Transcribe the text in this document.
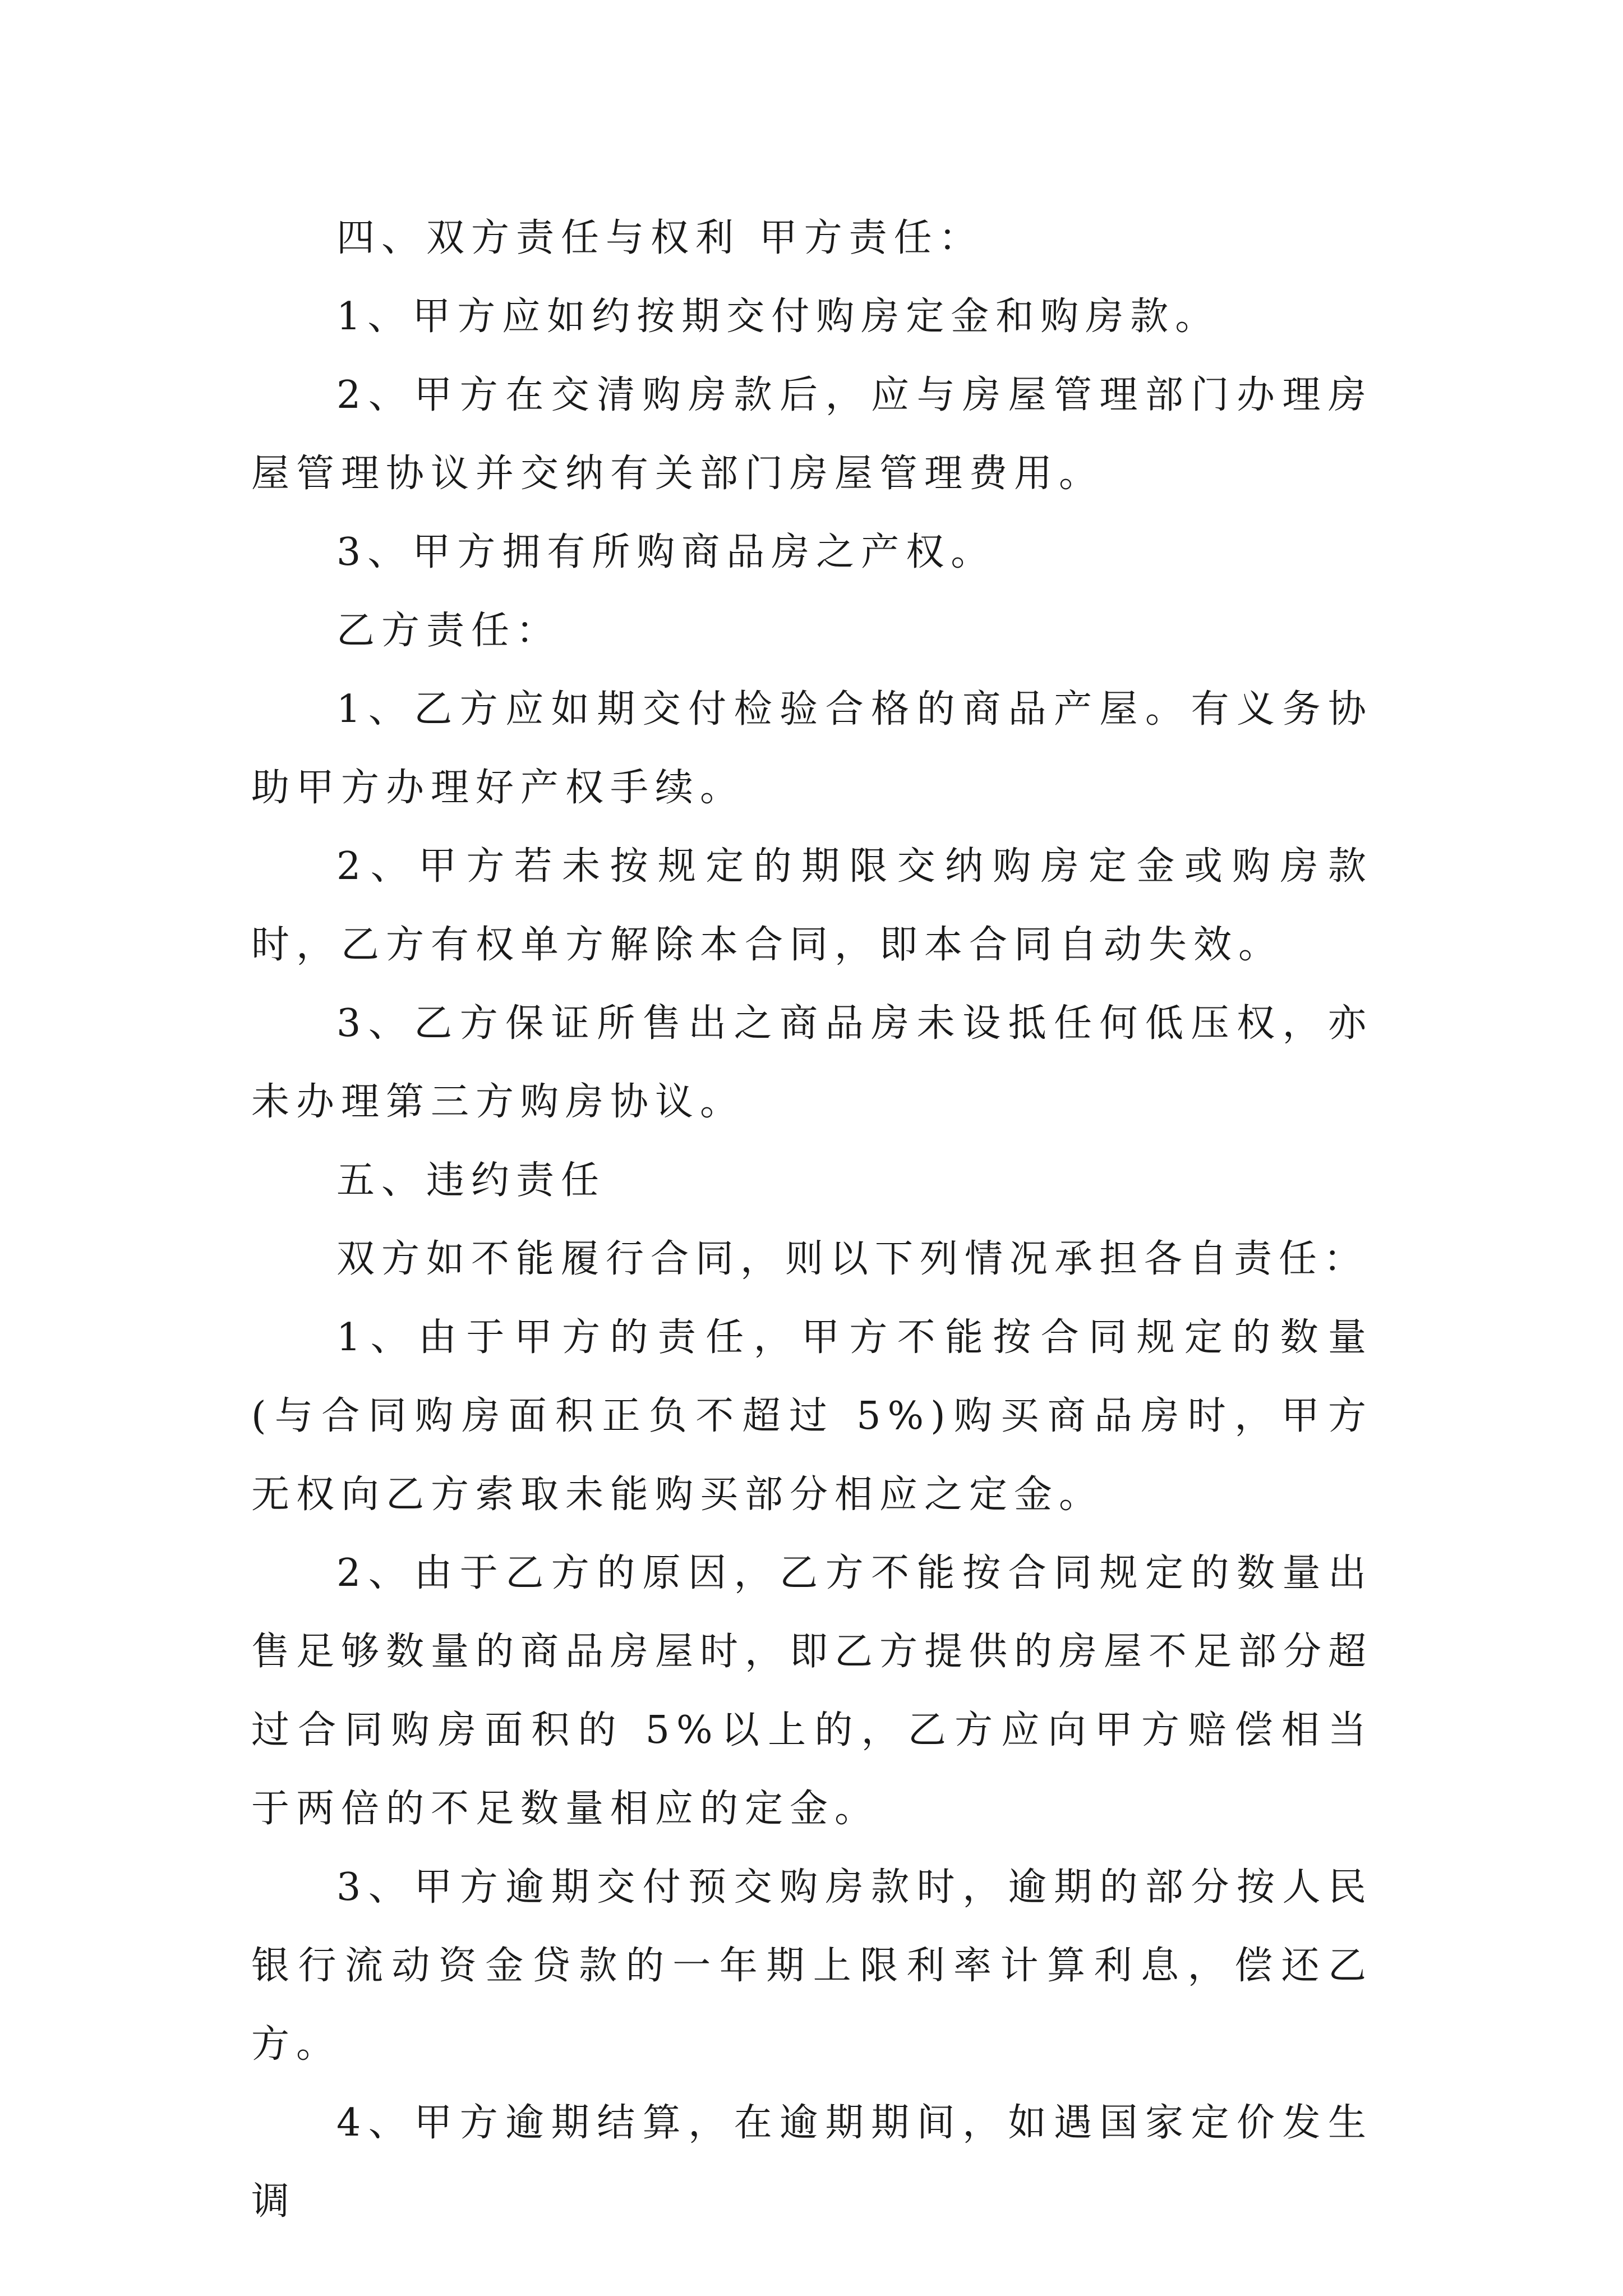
四、双方责任与权利 甲方责任：

1、甲方应如约按期交付购房定金和购房款。

2、甲方在交清购房款后，应与房屋管理部门办理房屋管理协议并交纳有关部门房屋管理费用。

3、甲方拥有所购商品房之产权。

乙方责任：

1、乙方应如期交付检验合格的商品产屋。有义务协助甲方办理好产权手续。

2、甲方若未按规定的期限交纳购房定金或购房款时，乙方有权单方解除本合同，即本合同自动失效。

3、乙方保证所售出之商品房未设抵任何低压权，亦未办理第三方购房协议。

五、违约责任

双方如不能履行合同，则以下列情况承担各自责任：

1、由于甲方的责任，甲方不能按合同规定的数量(与合同购房面积正负不超过 5%)购买商品房时，甲方无权向乙方索取未能购买部分相应之定金。

2、由于乙方的原因，乙方不能按合同规定的数量出售足够数量的商品房屋时，即乙方提供的房屋不足部分超过合同购房面积的 5%以上的，乙方应向甲方赔偿相当于两倍的不足数量相应的定金。

3、甲方逾期交付预交购房款时，逾期的部分按人民银行流动资金贷款的一年期上限利率计算利息，偿还乙方。

4、甲方逾期结算，在逾期期间，如遇国家定价发生调
